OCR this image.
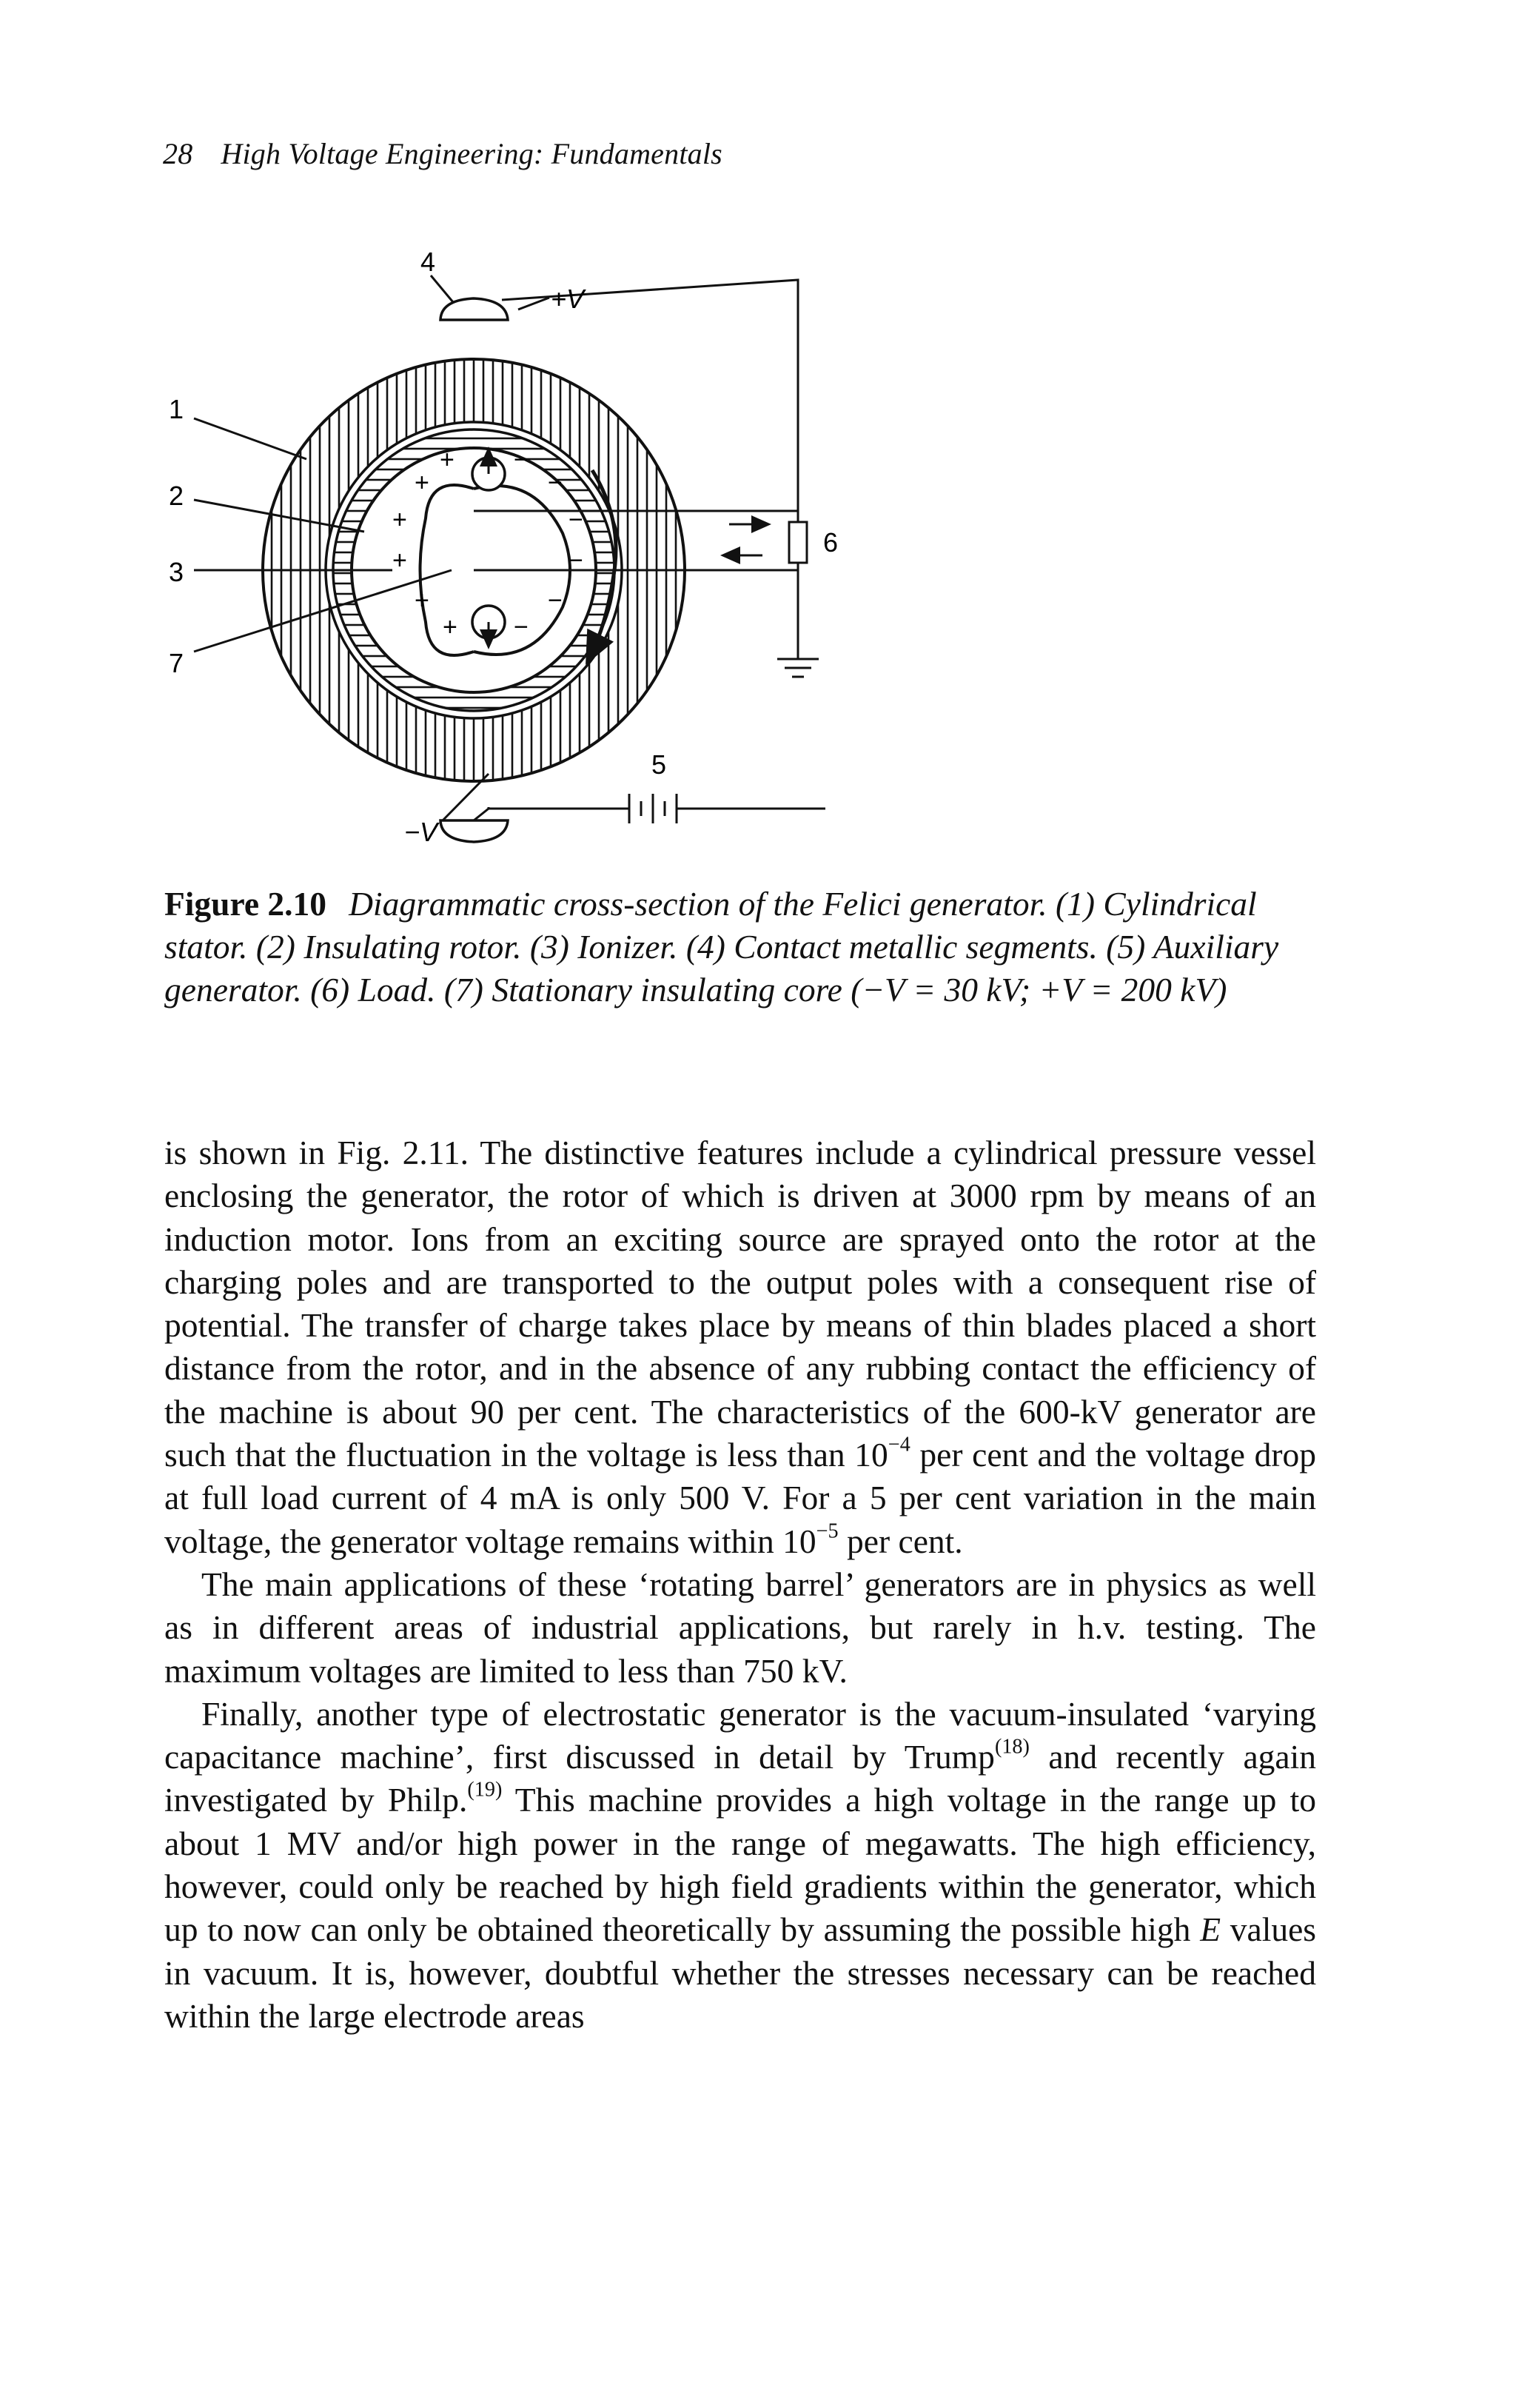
28 High Voltage Engineering: Fundamentals
+
+
+
+
+
+
−
−
−
−
−
−
1
2
3
7
4
5
6
+V
−V
Figure 2.10 Diagrammatic cross-section of the Felici generator. (1) Cylindrical stator. (2) Insulating rotor. (3) Ionizer. (4) Contact metallic segments. (5) Auxiliary generator. (6) Load. (7) Stationary insulating core (−V = 30 kV; +V = 200 kV)

is shown in Fig. 2.11. The distinctive features include a cylindrical pressure vessel enclosing the generator, the rotor of which is driven at 3000 rpm by means of an induction motor. Ions from an exciting source are sprayed onto the rotor at the charging poles and are transported to the output poles with a consequent rise of potential. The transfer of charge takes place by means of thin blades placed a short distance from the rotor, and in the absence of any rubbing contact the efficiency of the machine is about 90 per cent. The characteristics of the 600-kV generator are such that the fluctuation in the voltage is less than $10^{-4}$ per cent and the voltage drop at full load current of 4 mA is only 500 V. For a 5 per cent variation in the main voltage, the generator voltage remains within $10^{-5}$ per cent.

The main applications of these ‘rotating barrel’ generators are in physics as well as in different areas of industrial applications, but rarely in h.v. testing. The maximum voltages are limited to less than 750 kV.

Finally, another type of electrostatic generator is the vacuum-insulated ‘varying capacitance machine’, first discussed in detail by Trump$^{(18)}$ and recently again investigated by Philp.$^{(19)}$ This machine provides a high voltage in the range up to about 1 MV and/or high power in the range of megawatts. The high efficiency, however, could only be reached by high field gradients within the generator, which up to now can only be obtained theoretically by assuming the possible high E values in vacuum. It is, however, doubtful whether the stresses necessary can be reached within the large electrode areas
